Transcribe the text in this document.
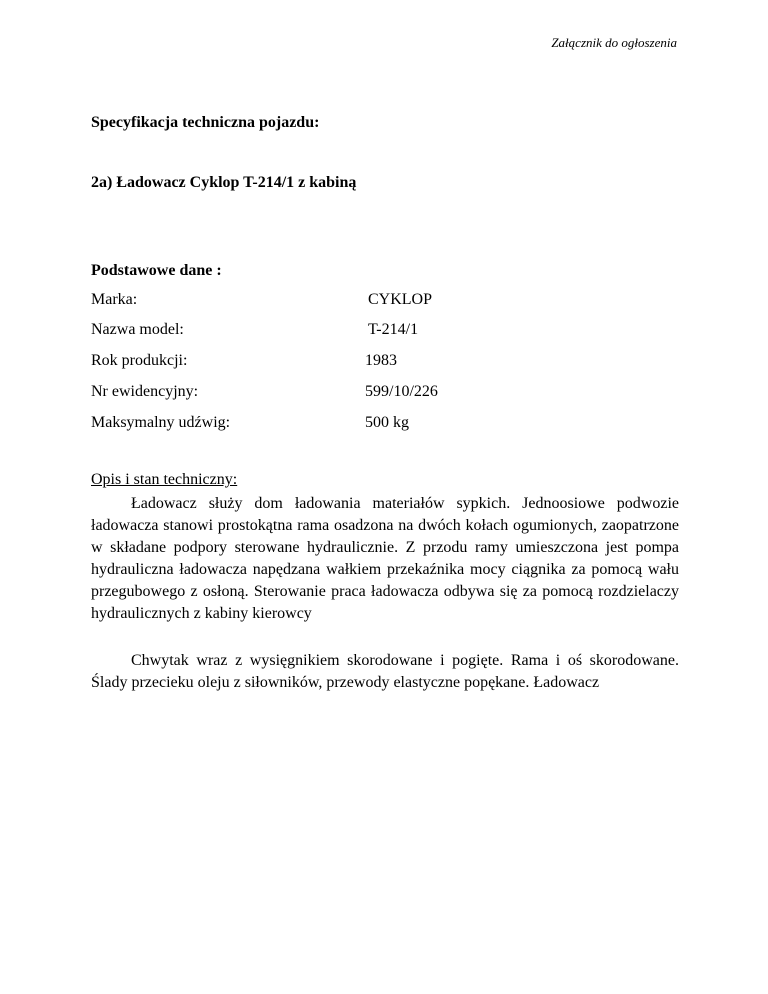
Załącznik do ogłoszenia
Specyfikacja techniczna pojazdu:
2a) Ładowacz Cyklop T-214/1 z kabiną
Podstawowe dane :
Marka:	CYKLOP
Nazwa model:	T-214/1
Rok produkcji:	1983
Nr ewidencyjny:	599/10/226
Maksymalny udźwig:	500 kg
Opis i stan techniczny:

Ładowacz służy dom ładowania materiałów sypkich. Jednoosiowe podwozie ładowacza stanowi prostokątna rama osadzona na dwóch kołach ogumionych, zaopatrzone w składane podpory sterowane hydraulicznie. Z przodu ramy umieszczona jest pompa hydrauliczna ładowacza napędzana wałkiem przekaźnika mocy ciągnika za pomocą wału przegubowego z osłoną. Sterowanie praca ładowacza odbywa się za pomocą rozdzielaczy hydraulicznych z kabiny kierowcy

Chwytak wraz z wysięgnikiem skorodowane i pogięte. Rama i oś skorodowane. Ślady przecieku oleju z siłowników, przewody elastyczne popękane. Ładowacz
